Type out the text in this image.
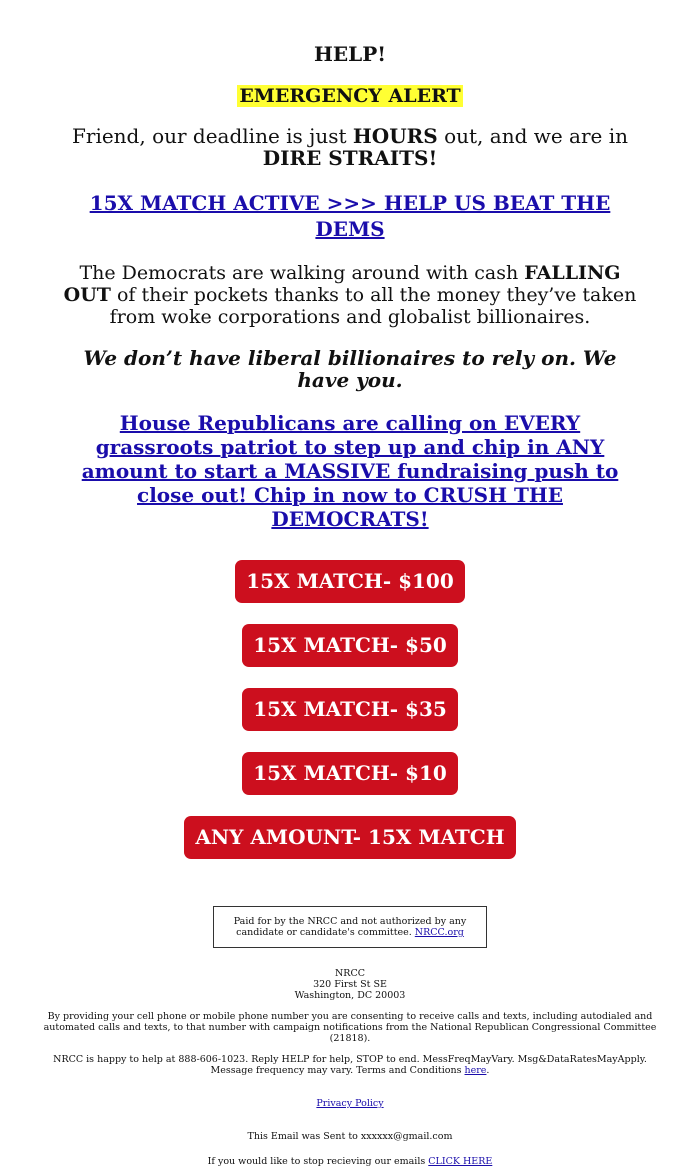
HELP!
EMERGENCY ALERT

Friend, our deadline is just HOURS out, and we are in DIRE STRAITS!

15X MATCH ACTIVE >>> HELP US BEAT THE DEMS

The Democrats are walking around with cash FALLING OUT of their pockets thanks to all the money they’ve taken from woke corporations and globalist billionaires.

We don’t have liberal billionaires to rely on. We have you.

House Republicans are calling on EVERY grassroots patriot to step up and chip in ANY amount to start a MASSIVE fundraising push to close out! Chip in now to CRUSH THE DEMOCRATS!

15X MATCH- $100
15X MATCH- $50
15X MATCH- $35
15X MATCH- $10
ANY AMOUNT- 15X MATCH
Paid for by the NRCC and not authorized by any candidate or candidate's committee. NRCC.org
NRCC
320 First St SE
Washington, DC 20003
By providing your cell phone or mobile phone number you are consenting to receive calls and texts, including autodialed and automated calls and texts, to that number with campaign notifications from the National Republican Congressional Committee (21818).
NRCC is happy to help at 888-606-1023. Reply HELP for help, STOP to end. MessFreqMayVary. Msg&DataRatesMayApply. Message frequency may vary. Terms and Conditions here.
Privacy Policy
This Email was Sent to xxxxxx@gmail.com
If you would like to stop recieving our emails CLICK HERE
